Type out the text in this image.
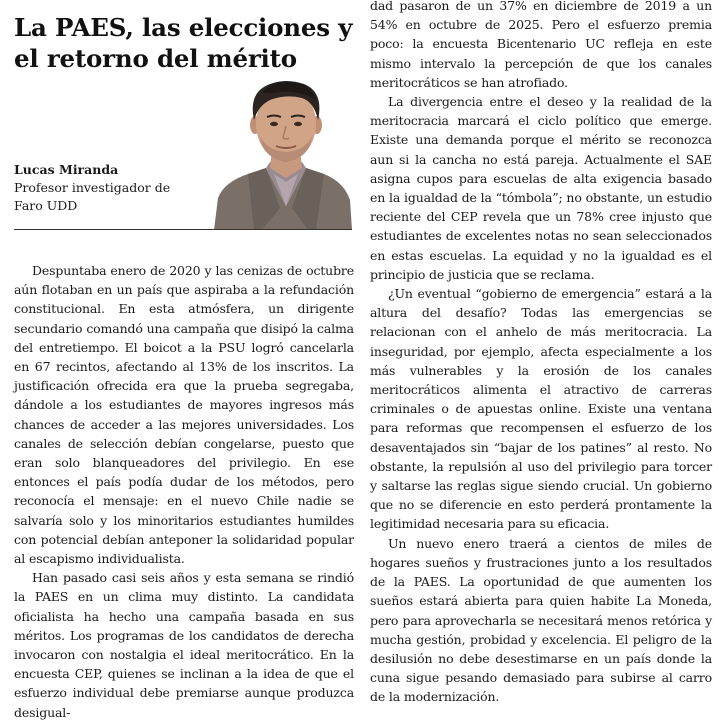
La PAES, las elecciones y el retorno del mérito
Lucas Miranda
Profesor investigador de Faro UDD

Despuntaba enero de 2020 y las cenizas de octubre aún flotaban en un país que aspiraba a la refundación constitucional. En esta atmósfera, un dirigente secundario comandó una campaña que disipó la calma del entretiempo. El boicot a la PSU logró cancelarla en 67 recintos, afectando al 13% de los inscritos. La justificación ofrecida era que la prueba segregaba, dándole a los estudiantes de mayores ingresos más chances de acceder a las mejores universidades. Los canales de selección debían congelarse, puesto que eran solo blanqueadores del privilegio. En ese entonces el país podía dudar de los métodos, pero reconocía el mensaje: en el nuevo Chile nadie se salvaría solo y los minoritarios estudiantes humildes con potencial debían anteponer la solidaridad popular al escapismo individualista.

Han pasado casi seis años y esta semana se rindió la PAES en un clima muy distinto. La candidata oficialista ha hecho una campaña basada en sus méritos. Los programas de los candidatos de derecha invocaron con nostalgia el ideal meritocrático. En la encuesta CEP, quienes se inclinan a la idea de que el esfuerzo individual debe premiarse aunque produzca desigual-

dad pasaron de un 37% en diciembre de 2019 a un 54% en octubre de 2025. Pero el esfuerzo premia poco: la encuesta Bicentenario UC refleja en este mismo intervalo la percepción de que los canales meritocráticos se han atrofiado.

La divergencia entre el deseo y la realidad de la meritocracia marcará el ciclo político que emerge. Existe una demanda porque el mérito se reconozca aun si la cancha no está pareja. Actualmente el SAE asigna cupos para escuelas de alta exigencia basado en la igualdad de la “tómbola”; no obstante, un estudio reciente del CEP revela que un 78% cree injusto que estudiantes de excelentes notas no sean seleccionados en estas escuelas. La equidad y no la igualdad es el principio de justicia que se reclama.

¿Un eventual “gobierno de emergencia” estará a la altura del desafío? Todas las emergencias se relacionan con el anhelo de más meritocracia. La inseguridad, por ejemplo, afecta especialmente a los más vulnerables y la erosión de los canales meritocráticos alimenta el atractivo de carreras criminales o de apuestas online. Existe una ventana para reformas que recompensen el esfuerzo de los desaventajados sin “bajar de los patines” al resto. No obstante, la repulsión al uso del privilegio para torcer y saltarse las reglas sigue siendo crucial. Un gobierno que no se diferencie en esto perderá prontamente la legitimidad necesaria para su eficacia.

Un nuevo enero traerá a cientos de miles de hogares sueños y frustraciones junto a los resultados de la PAES. La oportunidad de que aumenten los sueños estará abierta para quien habite La Moneda, pero para aprovecharla se necesitará menos retórica y mucha gestión, probidad y excelencia. El peligro de la desilusión no debe desestimarse en un país donde la cuna sigue pesando demasiado para subirse al carro de la modernización.
